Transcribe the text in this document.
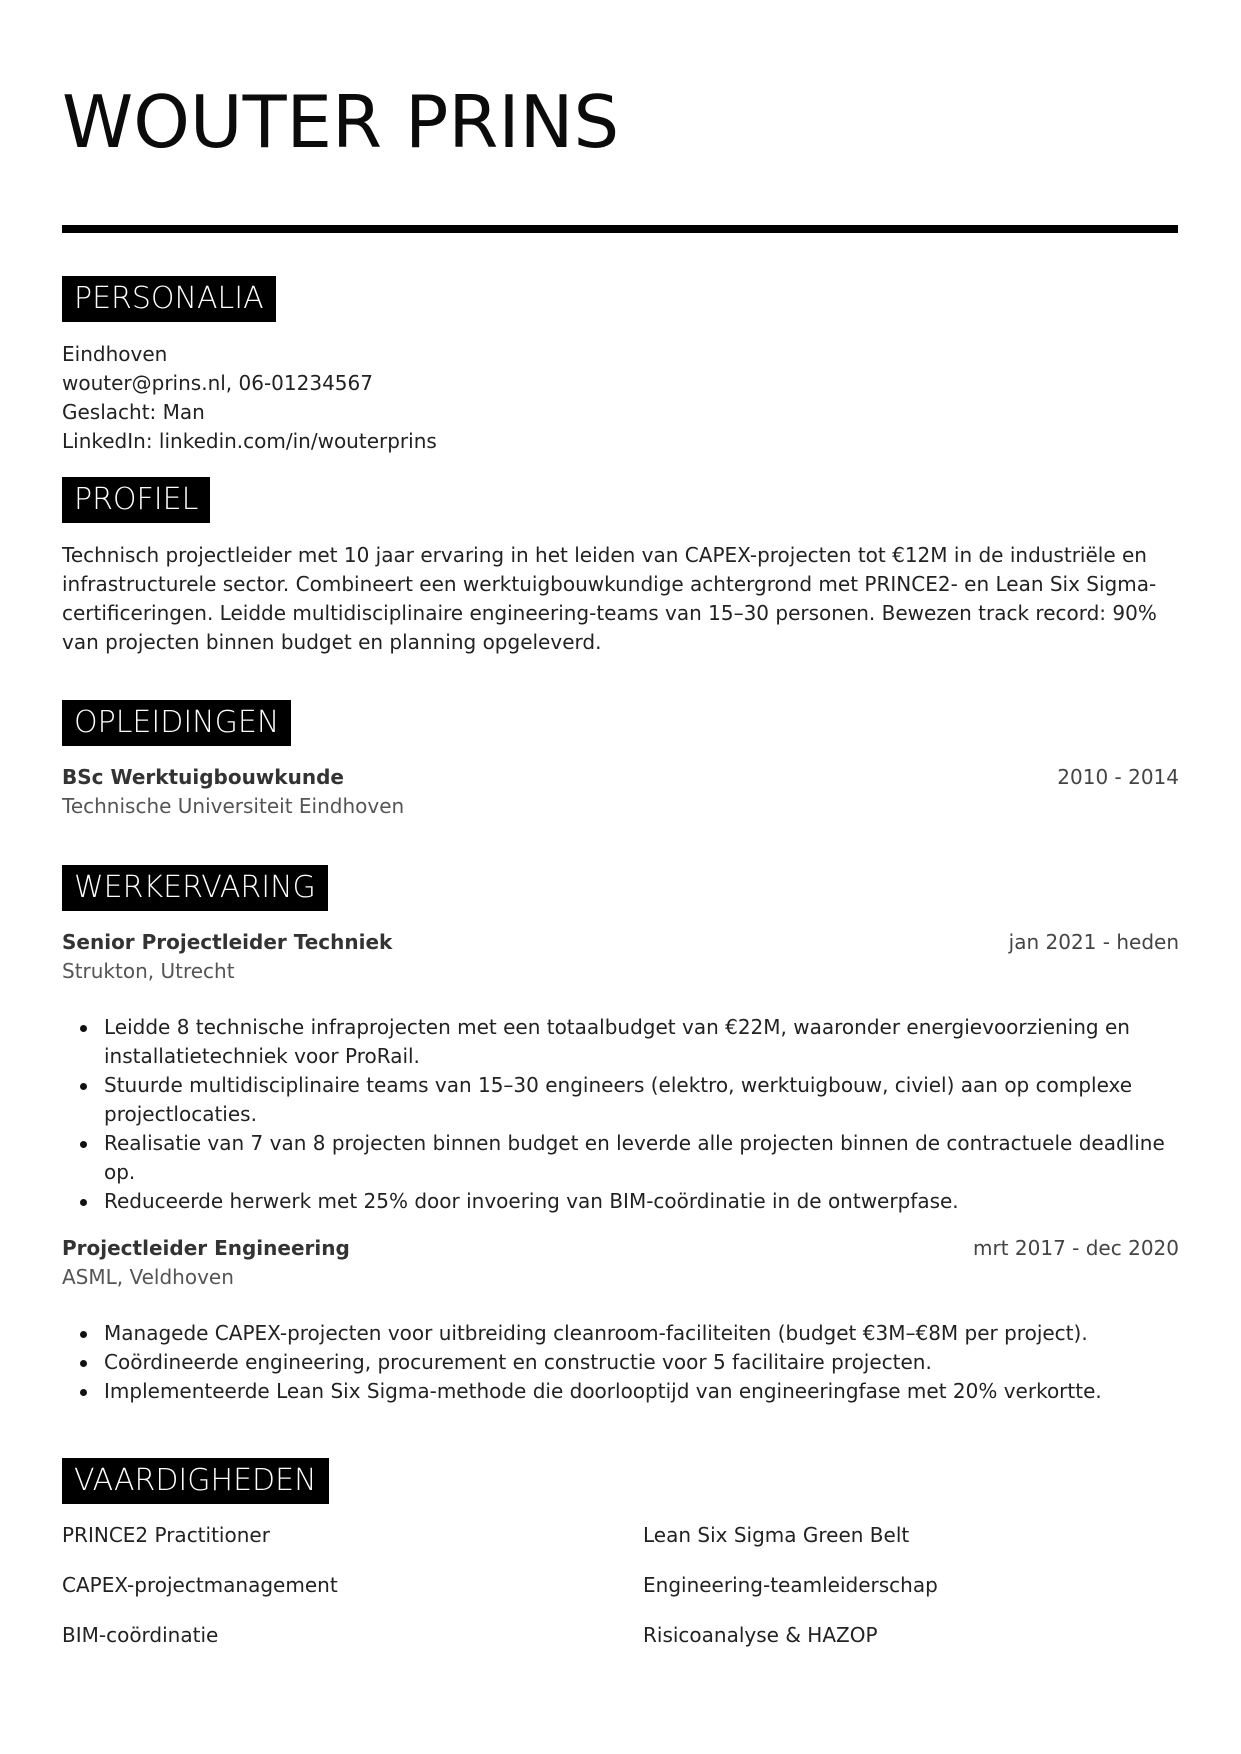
WOUTER PRINS
PERSONALIA
Eindhoven
wouter@prins.nl, 06-01234567
Geslacht: Man
LinkedIn: linkedin.com/in/wouterprins
PROFIEL
Technisch projectleider met 10 jaar ervaring in het leiden van CAPEX-projecten tot €12M in de industriële en infrastructurele sector. Combineert een werktuigbouwkundige achtergrond met PRINCE2- en Lean Six Sigma-certificeringen. Leidde multidisciplinaire engineering-teams van 15–30 personen. Bewezen track record: 90% van projecten binnen budget en planning opgeleverd.
OPLEIDINGEN
BSc Werktuigbouwkunde	2010 - 2014
Technische Universiteit Eindhoven
WERKERVARING
Senior Projectleider Techniek	jan 2021 - heden
Strukton, Utrecht
Leidde 8 technische infraprojecten met een totaalbudget van €22M, waaronder energievoorziening en installatietechniek voor ProRail.
Stuurde multidisciplinaire teams van 15–30 engineers (elektro, werktuigbouw, civiel) aan op complexe projectlocaties.
Realisatie van 7 van 8 projecten binnen budget en leverde alle projecten binnen de contractuele deadline op.
Reduceerde herwerk met 25% door invoering van BIM-coördinatie in de ontwerpfase.
Projectleider Engineering	mrt 2017 - dec 2020
ASML, Veldhoven
Managede CAPEX-projecten voor uitbreiding cleanroom-faciliteiten (budget €3M–€8M per project).
Coördineerde engineering, procurement en constructie voor 5 facilitaire projecten.
Implementeerde Lean Six Sigma-methode die doorlooptijd van engineeringfase met 20% verkortte.
VAARDIGHEDEN
PRINCE2 Practitioner	Lean Six Sigma Green Belt
CAPEX-projectmanagement	Engineering-teamleiderschap
BIM-coördinatie	Risicoanalyse & HAZOP
